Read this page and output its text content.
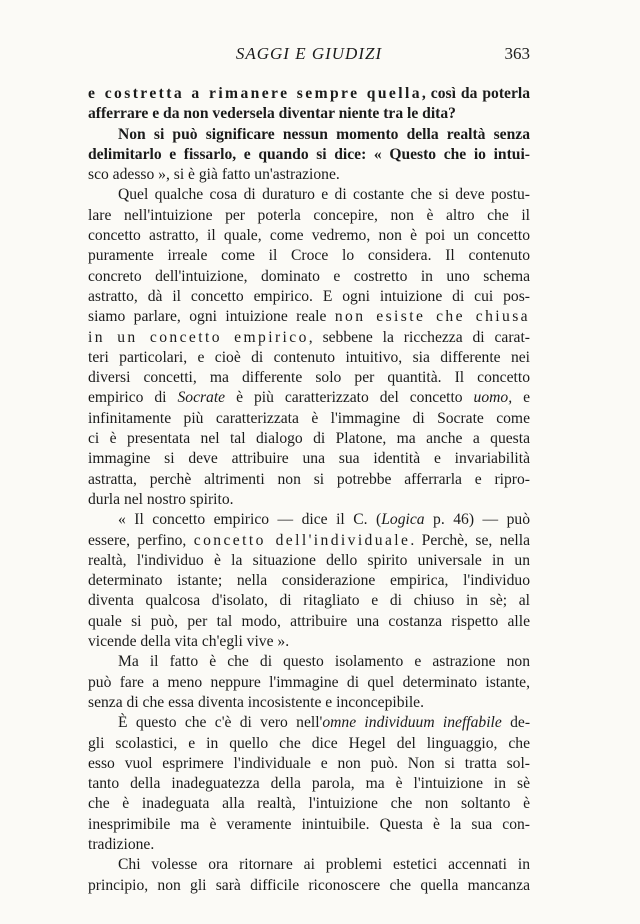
SAGGI E GIUDIZI	363
e costretta a rimanere sempre quella, così da poterla
afferrare e da non vedersela diventar niente tra le dita?
Non si può significare nessun momento della realtà senza
delimitarlo e fissarlo, e quando si dice: « Questo che io intui-
sco adesso », si è già fatto un'astrazione.
Quel qualche cosa di duraturo e di costante che si deve postu-
lare nell'intuizione per poterla concepire, non è altro che il
concetto astratto, il quale, come vedremo, non è poi un concetto
puramente irreale come il Croce lo considera. Il contenuto
concreto dell'intuizione, dominato e costretto in uno schema
astratto, dà il concetto empirico. E ogni intuizione di cui pos-
siamo parlare, ogni intuizione reale non esiste che chiusa
in un concetto empirico, sebbene la ricchezza di carat-
teri particolari, e cioè di contenuto intuitivo, sia differente nei
diversi concetti, ma differente solo per quantità. Il concetto
empirico di Socrate è più caratterizzato del concetto uomo, e
infinitamente più caratterizzata è l'immagine di Socrate come
ci è presentata nel tal dialogo di Platone, ma anche a questa
immagine si deve attribuire una sua identità e invariabilità
astratta, perchè altrimenti non si potrebbe afferrarla e ripro-
durla nel nostro spirito.
« Il concetto empirico — dice il C. (Logica p. 46) — può
essere, perfino, concetto dell'individuale. Perchè, se, nella
realtà, l'individuo è la situazione dello spirito universale in un
determinato istante; nella considerazione empirica, l'individuo
diventa qualcosa d'isolato, di ritagliato e di chiuso in sè; al
quale si può, per tal modo, attribuire una costanza rispetto alle
vicende della vita ch'egli vive ».
Ma il fatto è che di questo isolamento e astrazione non
può fare a meno neppure l'immagine di quel determinato istante,
senza di che essa diventa incosistente e inconcepibile.
È questo che c'è di vero nell'omne individuum ineffabile de-
gli scolastici, e in quello che dice Hegel del linguaggio, che
esso vuol esprimere l'individuale e non può. Non si tratta sol-
tanto della inadeguatezza della parola, ma è l'intuizione in sè
che è inadeguata alla realtà, l'intuizione che non soltanto è
inesprimibile ma è veramente inintuibile. Questa è la sua con-
tradizione.
Chi volesse ora ritornare ai problemi estetici accennati in
principio, non gli sarà difficile riconoscere che quella mancanza
